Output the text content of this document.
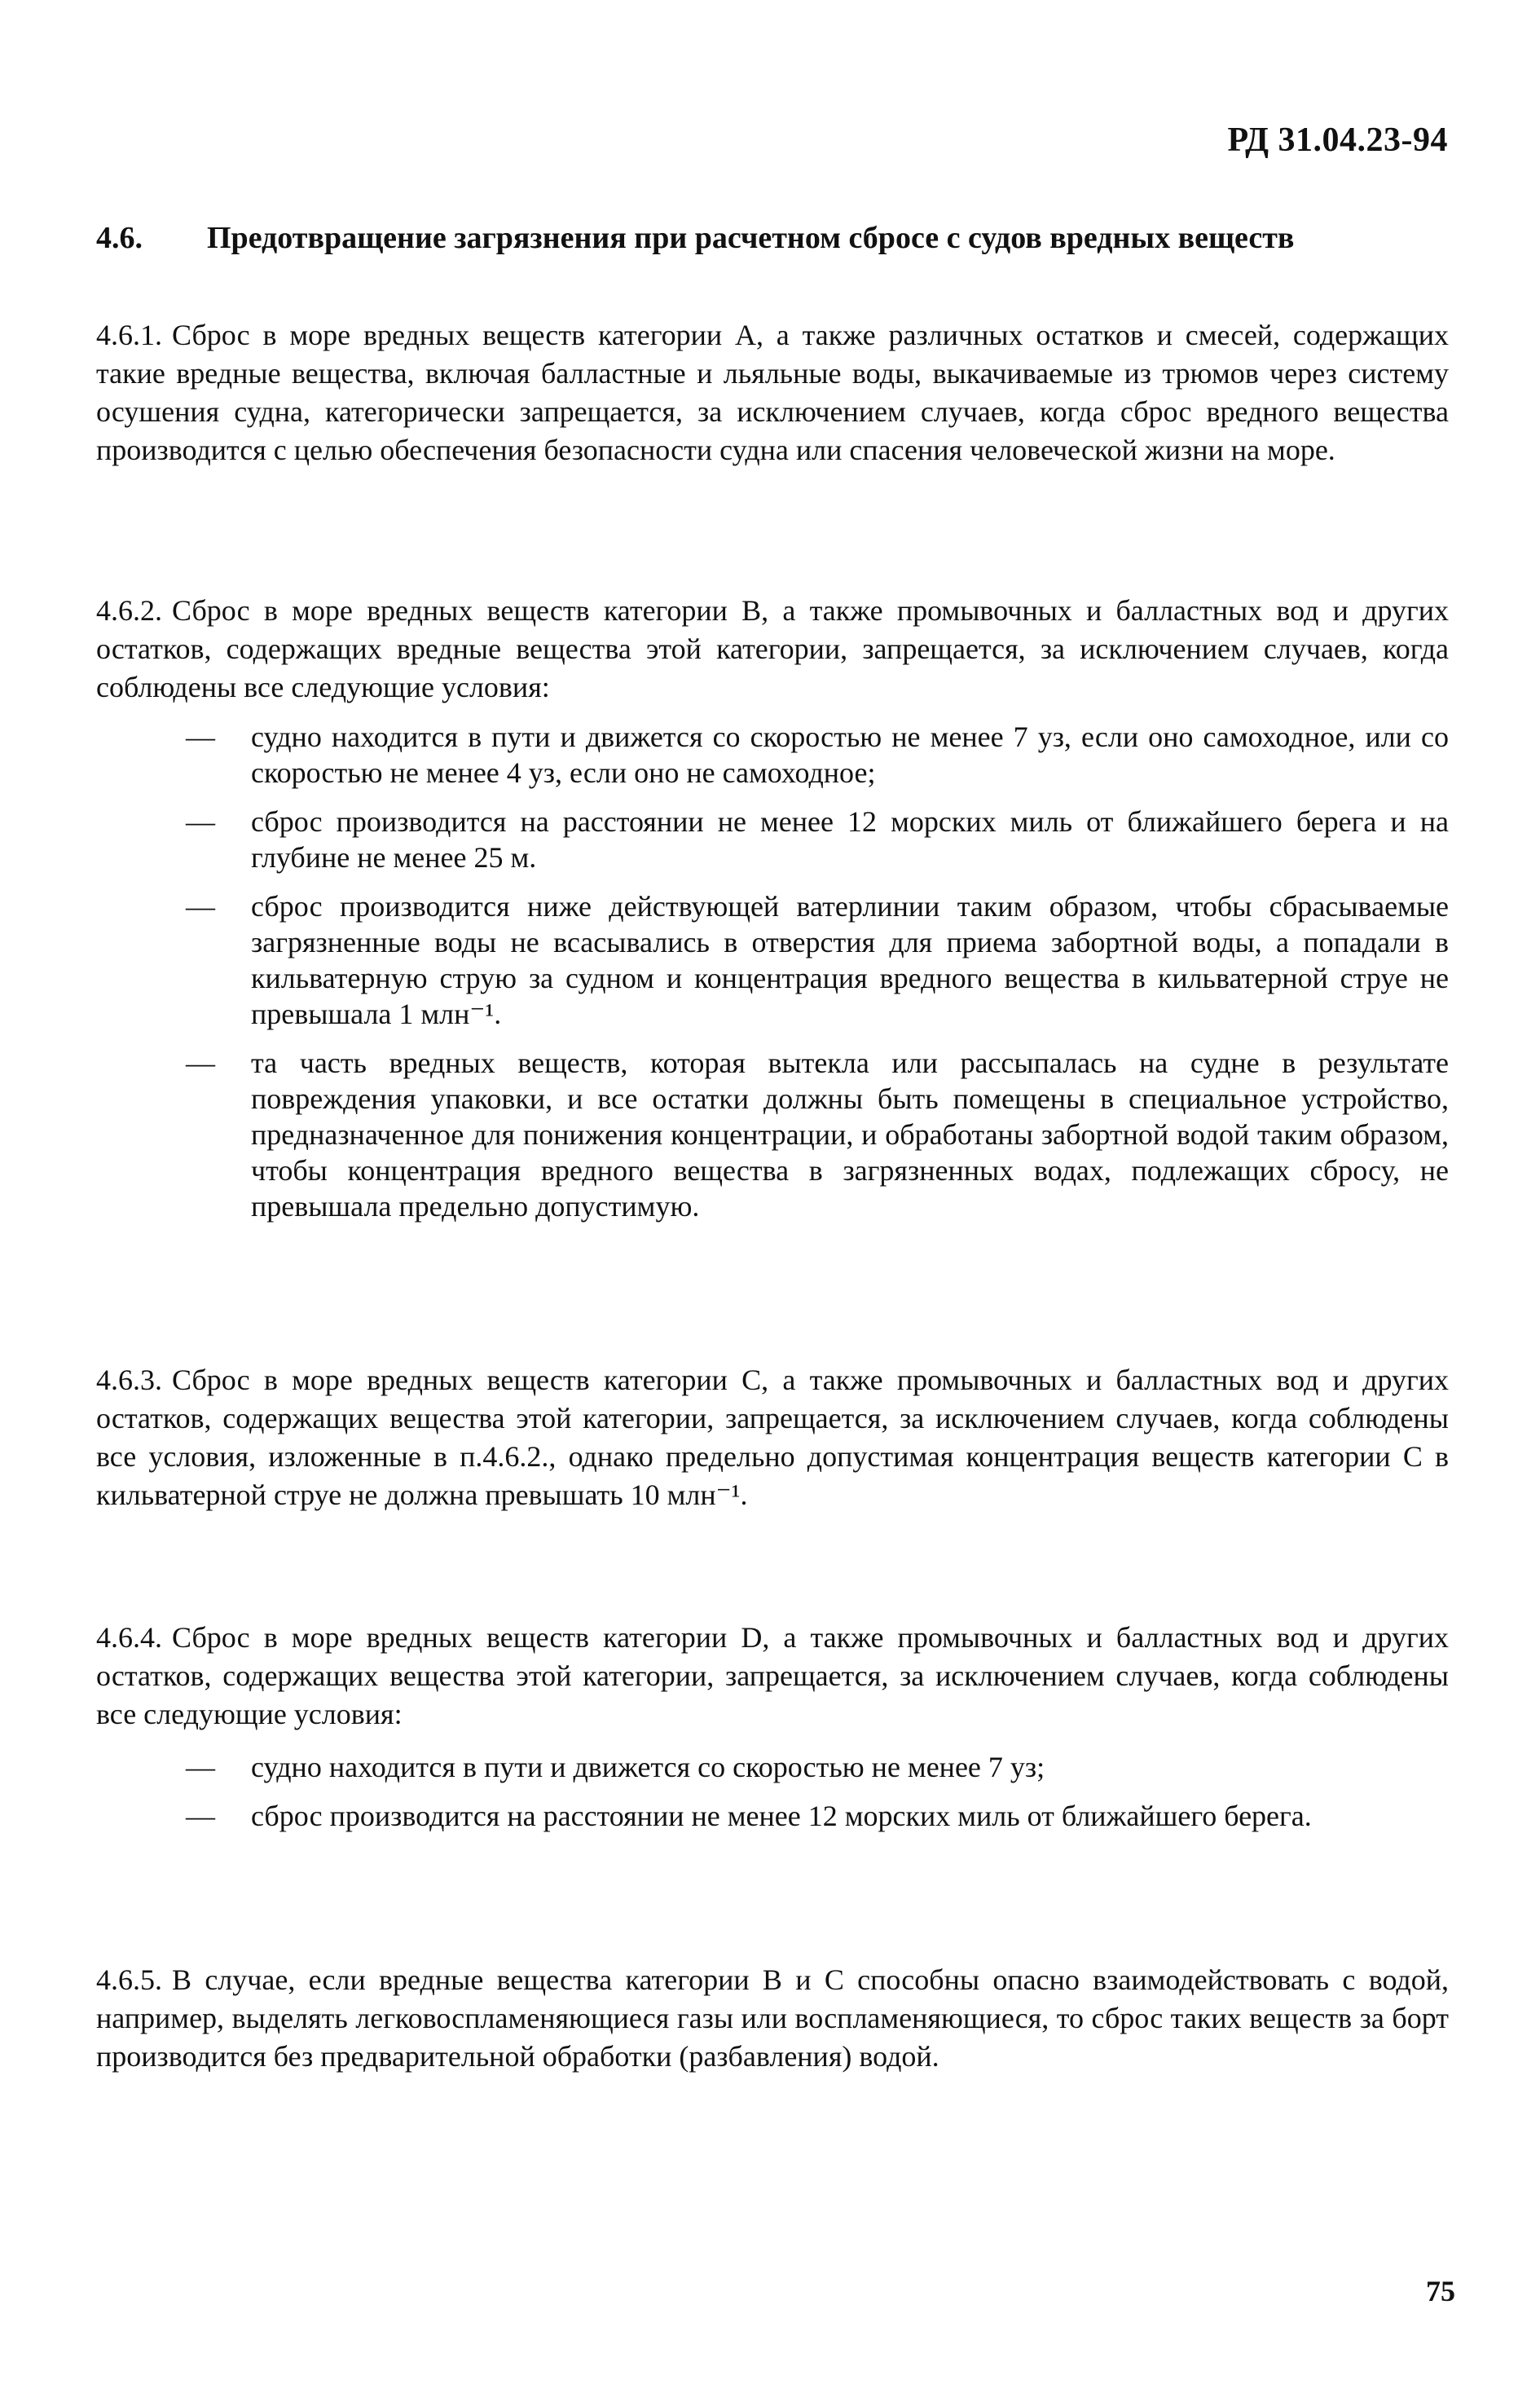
РД 31.04.23-94
4.6. Предотвращение загрязнения при расчетном сбросе с судов вредных веществ
4.6.1. Сброс в море вредных веществ категории А, а также различных остатков и смесей, содержащих такие вредные вещества, включая балластные и льяльные воды, выкачиваемые из трюмов через систему осушения судна, категорически запрещается, за исключением случаев, когда сброс вредного вещества производится с целью обеспечения безопасности судна или спасения человеческой жизни на море.
4.6.2. Сброс в море вредных веществ категории В, а также промывочных и балластных вод и других остатков, содержащих вредные вещества этой категории, запрещается, за исключением случаев, когда соблюдены все следующие условия:
— судно находится в пути и движется со скоростью не менее 7 уз, если оно самоходное, или со скоростью не менее 4 уз, если оно не самоходное;
— сброс производится на расстоянии не менее 12 морских миль от ближайшего берега и на глубине не менее 25 м.
— сброс производится ниже действующей ватерлинии таким образом, чтобы сбрасываемые загрязненные воды не всасывались в отверстия для приема забортной воды, а попадали в кильватерную струю за судном и концентрация вредного вещества в кильватерной струе не превышала 1 млн⁻¹.
— та часть вредных веществ, которая вытекла или рассыпалась на судне в результате повреждения упаковки, и все остатки должны быть помещены в специальное устройство, предназначенное для понижения концентрации, и обработаны забортной водой таким образом, чтобы концентрация вредного вещества в загрязненных водах, подлежащих сбросу, не превышала предельно допустимую.
4.6.3. Сброс в море вредных веществ категории С, а также промывочных и балластных вод и других остатков, содержащих вещества этой категории, запрещается, за исключением случаев, когда соблюдены все условия, изложенные в п.4.6.2., однако предельно допустимая концентрация веществ категории С в кильватерной струе не должна превышать 10 млн⁻¹.
4.6.4. Сброс в море вредных веществ категории D, а также промывочных и балластных вод и других остатков, содержащих вещества этой категории, запрещается, за исключением случаев, когда соблюдены все следующие условия:
— судно находится в пути и движется со скоростью не менее 7 уз;
— сброс производится на расстоянии не менее 12 морских миль от ближайшего берега.
4.6.5. В случае, если вредные вещества категории В и С способны опасно взаимодействовать с водой, например, выделять легковоспламеняющиеся газы или воспламеняющиеся, то сброс таких веществ за борт производится без предварительной обработки (разбавления) водой.
75
